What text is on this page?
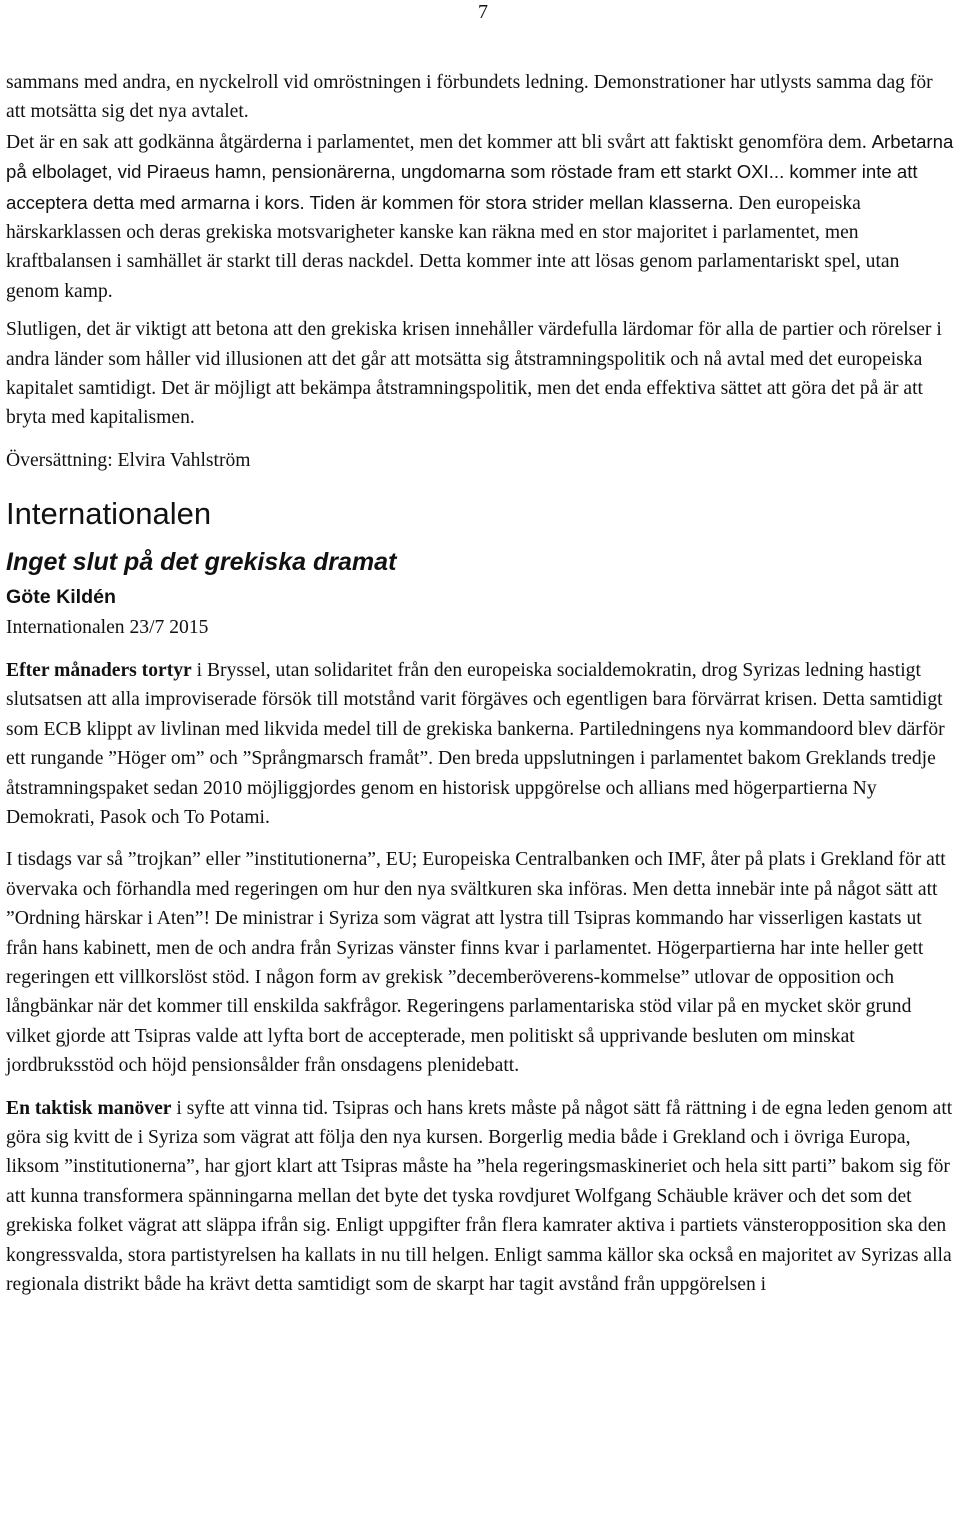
7

sammans med andra, en nyckelroll vid omröstningen i förbundets ledning. Demonstrationer har utlysts samma dag för att motsätta sig det nya avtalet.

Det är en sak att godkänna åtgärderna i parlamentet, men det kommer att bli svårt att faktiskt genomföra dem. Arbetarna på elbolaget, vid Piraeus hamn, pensionärerna, ungdomarna som röstade fram ett starkt OXI... kommer inte att acceptera detta med armarna i kors. Tiden är kommen för stora strider mellan klasserna. Den europeiska härskarklassen och deras grekiska motsvarigheter kanske kan räkna med en stor majoritet i parlamentet, men kraftbalansen i samhället är starkt till deras nackdel. Detta kommer inte att lösas genom parlamentariskt spel, utan genom kamp.

Slutligen, det är viktigt att betona att den grekiska krisen innehåller värdefulla lärdomar för alla de partier och rörelser i andra länder som håller vid illusionen att det går att motsätta sig åtstramningspolitik och nå avtal med det europeiska kapitalet samtidigt. Det är möjligt att bekämpa åtstramningspolitik, men det enda effektiva sättet att göra det på är att bryta med kapitalismen.

Översättning: Elvira Vahlström

Internationalen
Inget slut på det grekiska dramat
Göte Kildén
Internationalen 23/7 2015

Efter månaders tortyr i Bryssel, utan solidaritet från den europeiska socialdemokratin, drog Syrizas ledning hastigt slutsatsen att alla improviserade försök till motstånd varit förgäves och egentligen bara förvärrat krisen. Detta samtidigt som ECB klippt av livlinan med likvida medel till de grekiska bankerna. Partiledningens nya kommandoord blev därför ett rungande ”Höger om” och ”Språngmarsch framåt”. Den breda uppslutningen i parlamentet bakom Greklands tredje åtstramningspaket sedan 2010 möjliggjordes genom en historisk uppgörelse och allians med högerpartierna Ny Demokrati, Pasok och To Potami.

I tisdags var så ”trojkan” eller ”institutionerna”, EU; Europeiska Centralbanken och IMF, åter på plats i Grekland för att övervaka och förhandla med regeringen om hur den nya svältkuren ska införas. Men detta innebär inte på något sätt att ”Ordning härskar i Aten”! De ministrar i Syriza som vägrat att lystra till Tsipras kommando har visserligen kastats ut från hans kabinett, men de och andra från Syrizas vänster finns kvar i parlamentet. Högerpartierna har inte heller gett regeringen ett villkorslöst stöd. I någon form av grekisk ”decemberöverens-kommelse” utlovar de opposition och långbänkar när det kommer till enskilda sakfrågor. Regeringens parlamentariska stöd vilar på en mycket skör grund vilket gjorde att Tsipras valde att lyfta bort de accepterade, men politiskt så upprivande besluten om minskat jordbruksstöd och höjd pensionsålder från onsdagens plenidebatt.

En taktisk manöver i syfte att vinna tid. Tsipras och hans krets måste på något sätt få rättning i de egna leden genom att göra sig kvitt de i Syriza som vägrat att följa den nya kursen. Borgerlig media både i Grekland och i övriga Europa, liksom ”institutionerna”, har gjort klart att Tsipras måste ha ”hela regeringsmaskineriet och hela sitt parti” bakom sig för att kunna transformera spänningarna mellan det byte det tyska rovdjuret Wolfgang Schäuble kräver och det som det grekiska folket vägrat att släppa ifrån sig. Enligt uppgifter från flera kamrater aktiva i partiets vänsteropposition ska den kongressvalda, stora partistyrelsen ha kallats in nu till helgen. Enligt samma källor ska också en majoritet av Syrizas alla regionala distrikt både ha krävt detta samtidigt som de skarpt har tagit avstånd från uppgörelsen i
